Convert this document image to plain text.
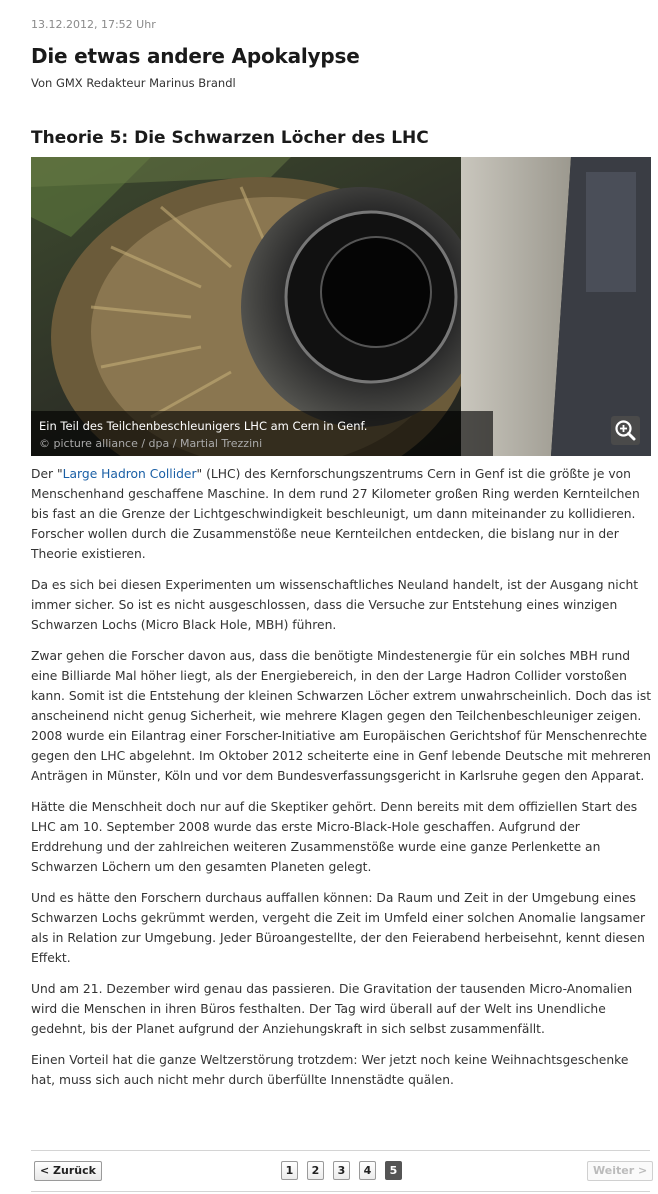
13.12.2012, 17:52 Uhr
Die etwas andere Apokalypse
Von GMX Redakteur Marinus Brandl
Theorie 5: Die Schwarzen Löcher des LHC
Ein Teil des Teilchenbeschleunigers LHC am Cern in Genf.
© picture alliance / dpa / Martial Trezzini

Der "Large Hadron Collider" (LHC) des Kernforschungszentrums Cern in Genf ist die größte je von Menschenhand geschaffene Maschine. In dem rund 27 Kilometer großen Ring werden Kernteilchen bis fast an die Grenze der Lichtgeschwindigkeit beschleunigt, um dann miteinander zu kollidieren. Forscher wollen durch die Zusammenstöße neue Kernteilchen entdecken, die bislang nur in der Theorie existieren.

Da es sich bei diesen Experimenten um wissenschaftliches Neuland handelt, ist der Ausgang nicht immer sicher. So ist es nicht ausgeschlossen, dass die Versuche zur Entstehung eines winzigen Schwarzen Lochs (Micro Black Hole, MBH) führen.

Zwar gehen die Forscher davon aus, dass die benötigte Mindestenergie für ein solches MBH rund eine Billiarde Mal höher liegt, als der Energiebereich, in den der Large Hadron Collider vorstoßen kann. Somit ist die Entstehung der kleinen Schwarzen Löcher extrem unwahrscheinlich. Doch das ist anscheinend nicht genug Sicherheit, wie mehrere Klagen gegen den Teilchenbeschleuniger zeigen. 2008 wurde ein Eilantrag einer Forscher-Initiative am Europäischen Gerichtshof für Menschenrechte gegen den LHC abgelehnt. Im Oktober 2012 scheiterte eine in Genf lebende Deutsche mit mehreren Anträgen in Münster, Köln und vor dem Bundesverfassungsgericht in Karlsruhe gegen den Apparat.

Hätte die Menschheit doch nur auf die Skeptiker gehört. Denn bereits mit dem offiziellen Start des LHC am 10. September 2008 wurde das erste Micro-Black-Hole geschaffen. Aufgrund der Erddrehung und der zahlreichen weiteren Zusammenstöße wurde eine ganze Perlenkette an Schwarzen Löchern um den gesamten Planeten gelegt.

Und es hätte den Forschern durchaus auffallen können: Da Raum und Zeit in der Umgebung eines Schwarzen Lochs gekrümmt werden, vergeht die Zeit im Umfeld einer solchen Anomalie langsamer als in Relation zur Umgebung. Jeder Büroangestellte, der den Feierabend herbeisehnt, kennt diesen Effekt.

Und am 21. Dezember wird genau das passieren. Die Gravitation der tausenden Micro-Anomalien wird die Menschen in ihren Büros festhalten. Der Tag wird überall auf der Welt ins Unendliche gedehnt, bis der Planet aufgrund der Anziehungskraft in sich selbst zusammenfällt.

Einen Vorteil hat die ganze Weltzerstörung trotzdem: Wer jetzt noch keine Weihnachtsgeschenke hat, muss sich auch nicht mehr durch überfüllte Innenstädte quälen.

< Zurück	1	2	3	4	5	Weiter >
